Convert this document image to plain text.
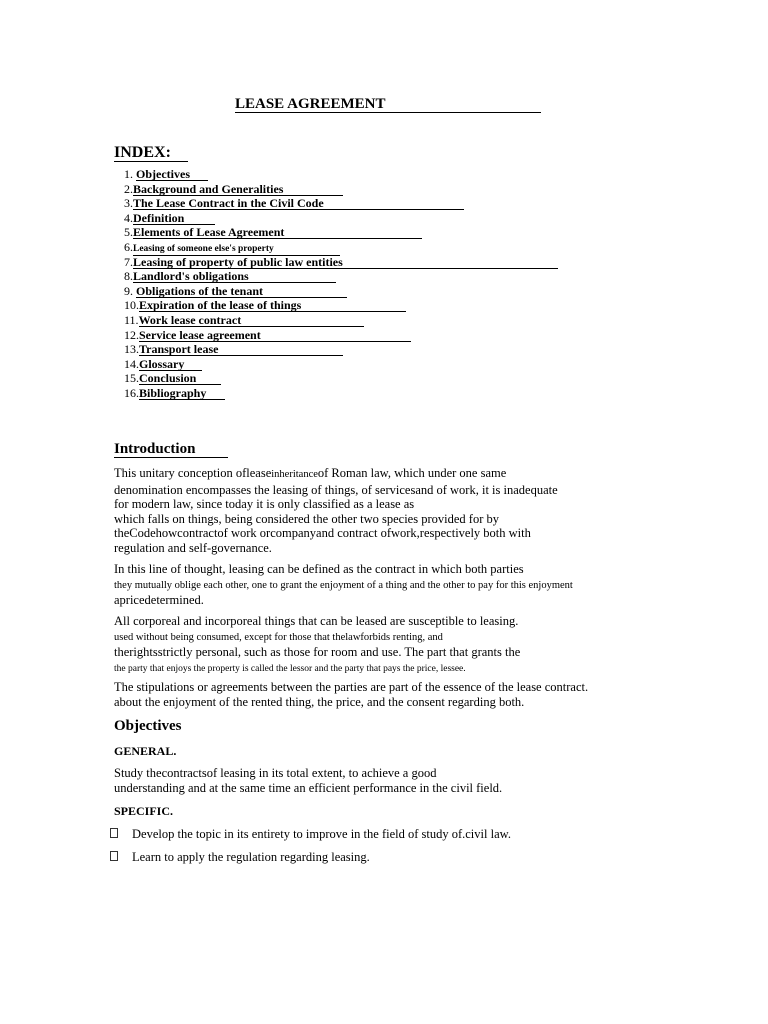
LEASE AGREEMENT
INDEX:
1. Objectives
2.Background and Generalities
3.The Lease Contract in the Civil Code
4.Definition
5.Elements of Lease Agreement
6.Leasing of someone else's property
7.Leasing of property of public law entities
8.Landlord's obligations
9. Obligations of the tenant
10.Expiration of the lease of things
11.Work lease contract
12.Service lease agreement
13.Transport lease
14.Glossary
15.Conclusion
16.Bibliography
Introduction

This unitary conception ofleaseinheritanceof Roman law, which under one same
denomination encompasses the leasing of things, of servicesand of work, it is inadequate
for modern law, since today it is only classified as a lease as
which falls on things, being considered the other two species provided for by
theCodehowcontractof work orcompanyand contract ofwork,respectively both with
regulation and self-governance.

In this line of thought, leasing can be defined as the contract in which both parties
they mutually oblige each other, one to grant the enjoyment of a thing and the other to pay for this enjoyment
apricedetermined.

All corporeal and incorporeal things that can be leased are susceptible to leasing.
used without being consumed, except for those that thelawforbids renting, and
therightsstrictly personal, such as those for room and use. The part that grants the
the party that enjoys the property is called the lessor and the party that pays the price, lessee.

The stipulations or agreements between the parties are part of the essence of the lease contract.
about the enjoyment of the rented thing, the price, and the consent regarding both.

Objectives
GENERAL.

Study thecontractsof leasing in its total extent, to achieve a good
understanding and at the same time an efficient performance in the civil field.

SPECIFIC.
Develop the topic in its entirety to improve in the field of study of.civil law.
Learn to apply the regulation regarding leasing.
